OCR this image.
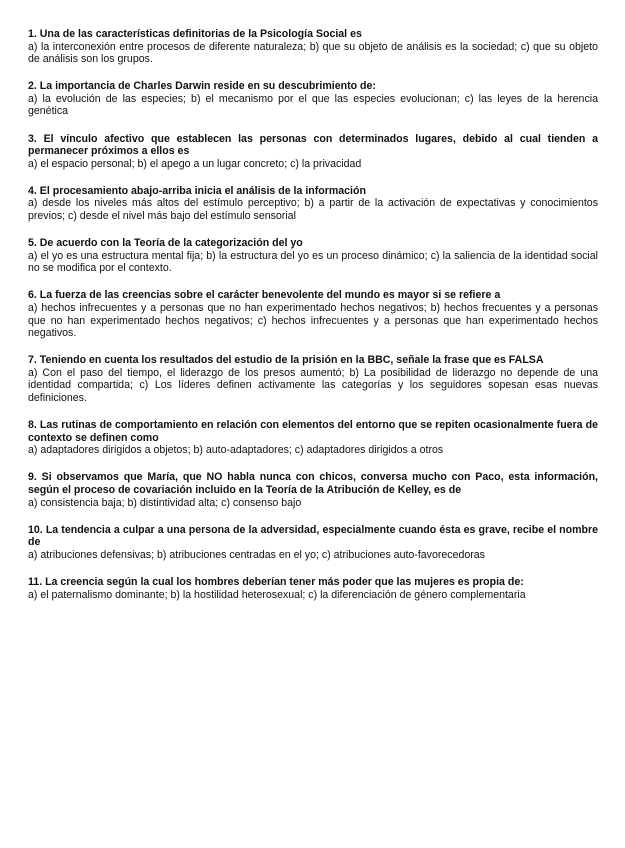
1. Una de las características definitorias de la Psicología Social es
a) la interconexión entre procesos de diferente naturaleza; b) que su objeto de análisis es la sociedad; c) que su objeto de análisis son los grupos.
2. La importancia de Charles Darwin reside en su descubrimiento de:
a) la evolución de las especies; b) el mecanismo por el que las especies evolucionan; c) las leyes de la herencia genética
3. El vínculo afectivo que establecen las personas con determinados lugares, debido al cual tienden a permanecer próximos a ellos es
a) el espacio personal; b) el apego a un lugar concreto; c) la privacidad
4. El procesamiento abajo-arriba inicia el análisis de la información
a) desde los niveles más altos del estímulo perceptivo; b) a partir de la activación de expectativas y conocimientos previos; c) desde el nivel más bajo del estímulo sensorial
5. De acuerdo con la Teoría de la categorización del yo
a) el yo es una estructura mental fija; b) la estructura del yo es un proceso dinámico; c) la saliencia de la identidad social no se modifica por el contexto.
6. La fuerza de las creencias sobre el carácter benevolente del mundo es mayor si se refiere a
a) hechos infrecuentes y a personas que no han experimentado hechos negativos; b) hechos frecuentes y a personas que no han experimentado hechos negativos; c) hechos infrecuentes y a personas que han experimentado hechos negativos.
7. Teniendo en cuenta los resultados del estudio de la prisión en la BBC, señale la frase que es FALSA
a) Con el paso del tiempo, el liderazgo de los presos aumentó; b) La posibilidad de liderazgo no depende de una identidad compartida; c) Los líderes definen activamente las categorías y los seguidores sopesan esas nuevas definiciones.
8. Las rutinas de comportamiento en relación con elementos del entorno que se repiten ocasionalmente fuera de contexto se definen como
a) adaptadores dirigidos a objetos; b) auto-adaptadores; c) adaptadores dirigidos a otros
9. Si observamos que María, que NO habla nunca con chicos, conversa mucho con Paco, esta información, según el proceso de covariación incluido en la Teoría de la Atribución de Kelley, es de
a) consistencia baja; b) distintividad alta; c) consenso bajo
10. La tendencia a culpar a una persona de la adversidad, especialmente cuando ésta es grave, recibe el nombre de
a) atribuciones defensivas; b) atribuciones centradas en el yo; c) atribuciones auto-favorecedoras
11. La creencia según la cual los hombres deberían tener más poder que las mujeres es propia de:
a) el paternalismo dominante; b) la hostilidad heterosexual; c) la diferenciación de género complementaria
